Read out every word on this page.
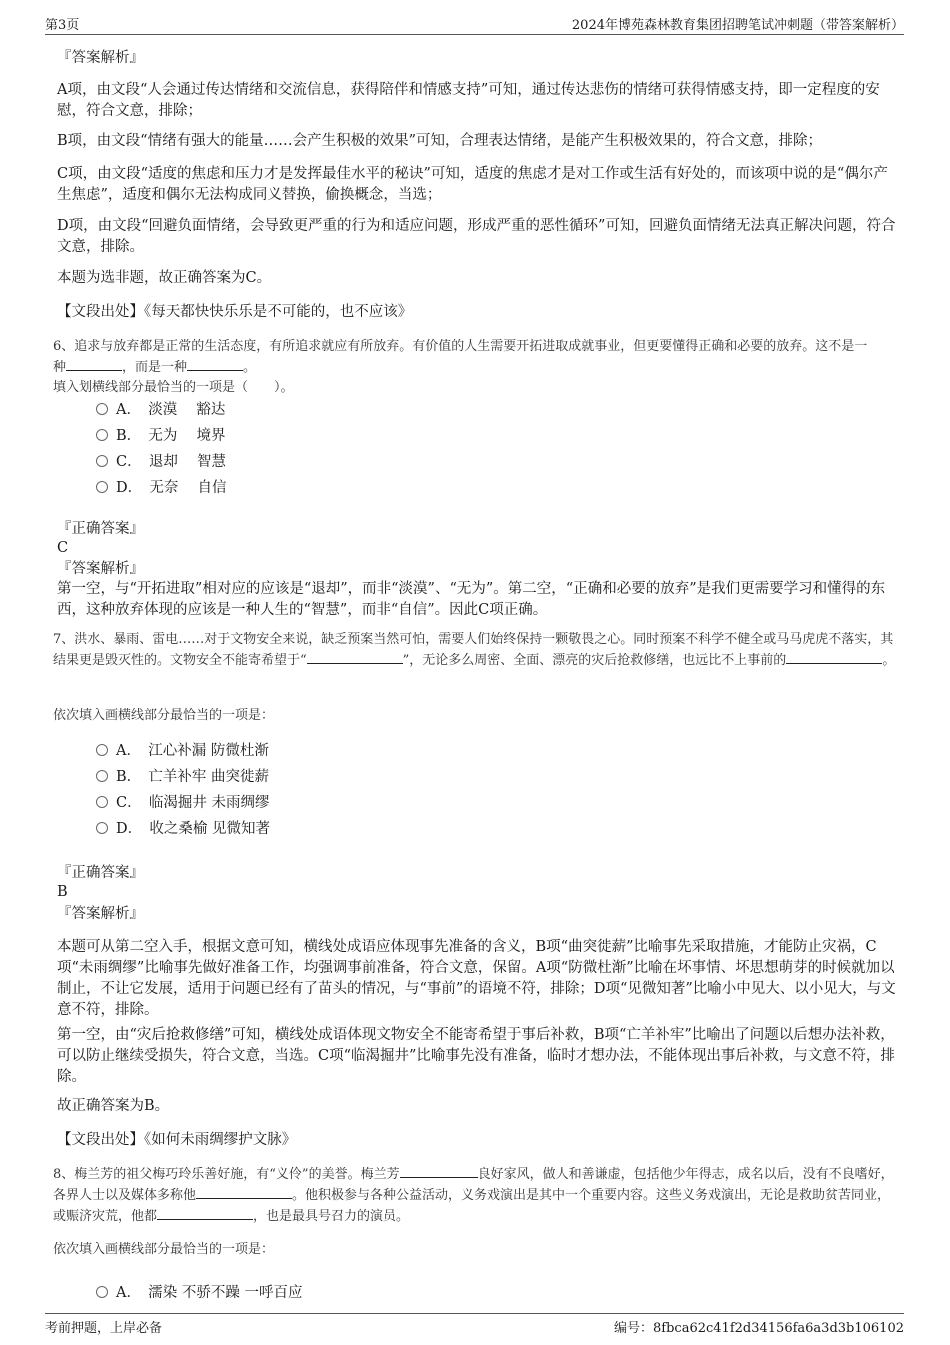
第3页	2024年博苑森林教育集团招聘笔试冲刺题（带答案解析）
『答案解析』
A项，由文段“人会通过传达情绪和交流信息，获得陪伴和情感支持”可知，通过传达悲伤的情绪可获得情感支持，即一定程度的安慰，符合文意，排除；
B项，由文段“情绪有强大的能量……会产生积极的效果”可知，合理表达情绪，是能产生积极效果的，符合文意，排除；
C项，由文段“适度的焦虑和压力才是发挥最佳水平的秘诀”可知，适度的焦虑才是对工作或生活有好处的，而该项中说的是“偶尔产生焦虑”，适度和偶尔无法构成同义替换，偷换概念，当选；
D项，由文段“回避负面情绪，会导致更严重的行为和适应问题，形成严重的恶性循环”可知，回避负面情绪无法真正解决问题，符合文意，排除。
本题为选非题，故正确答案为C。
【文段出处】《每天都快快乐乐是不可能的，也不应该》
6、追求与放弃都是正常的生活态度，有所追求就应有所放弃。有价值的人生需要开拓进取成就事业，但更要懂得正确和必要的放弃。这不是一
种	，而是一种	。
填入划横线部分最恰当的一项是（　　）。
A．　 淡漠　 豁达
B．　 无为　 境界
C．　 退却　 智慧
D．　 无奈　 自信
『正确答案』
C
『答案解析』
第一空，与“开拓进取”相对应的应该是“退却”，而非“淡漠”、“无为”。第二空，“正确和必要的放弃”是我们更需要学习和懂得的东西，这种放弃体现的应该是一种人生的“智慧”，而非“自信”。因此C项正确。
7、洪水、暴雨、雷电……对于文物安全来说，缺乏预案当然可怕，需要人们始终保持一颗敬畏之心。同时预案不科学不健全或马马虎虎不落实，其结果更是毁灭性的。文物安全不能寄希望于“	”，无论多么周密、全面、漂亮的灾后抢救修缮，也远比不上事前的	。
依次填入画横线部分最恰当的一项是：
A．　 江心补漏 防微杜渐
B．　 亡羊补牢 曲突徙薪
C．　 临渴掘井 未雨绸缪
D．　 收之桑榆 见微知著
『正确答案』
B
『答案解析』
本题可从第二空入手，根据文意可知，横线处成语应体现事先准备的含义，B项“曲突徙薪”比喻事先采取措施，才能防止灾祸，C项“未雨绸缪”比喻事先做好准备工作，均强调事前准备，符合文意，保留。A项“防微杜渐”比喻在坏事情、坏思想萌芽的时候就加以制止，不让它发展，适用于问题已经有了苗头的情况，与“事前”的语境不符，排除；D项“见微知著”比喻小中见大、以小见大，与文意不符，排除。
第一空，由“灾后抢救修缮”可知，横线处成语体现文物安全不能寄希望于事后补救，B项“亡羊补牢”比喻出了问题以后想办法补救，可以防止继续受损失，符合文意，当选。C项“临渴掘井”比喻事先没有准备，临时才想办法，不能体现出事后补救，与文意不符，排除。
故正确答案为B。
【文段出处】《如何未雨绸缪护文脉》
8、梅兰芳的祖父梅巧玲乐善好施，有“义伶”的美誉。梅兰芳	良好家风，做人和善谦虚，包括他少年得志，成名以后，没有不良嗜好，各界人士以及媒体多称他	。他积极参与各种公益活动，义务戏演出是其中一个重要内容。这些义务戏演出，无论是救助贫苦同业，或赈济灾荒，他都	，也是最具号召力的演员。
依次填入画横线部分最恰当的一项是：
A．　 濡染 不骄不躁 一呼百应
考前押题，上岸必备	编号：8fbca62c41f2d34156fa6a3d3b106102
